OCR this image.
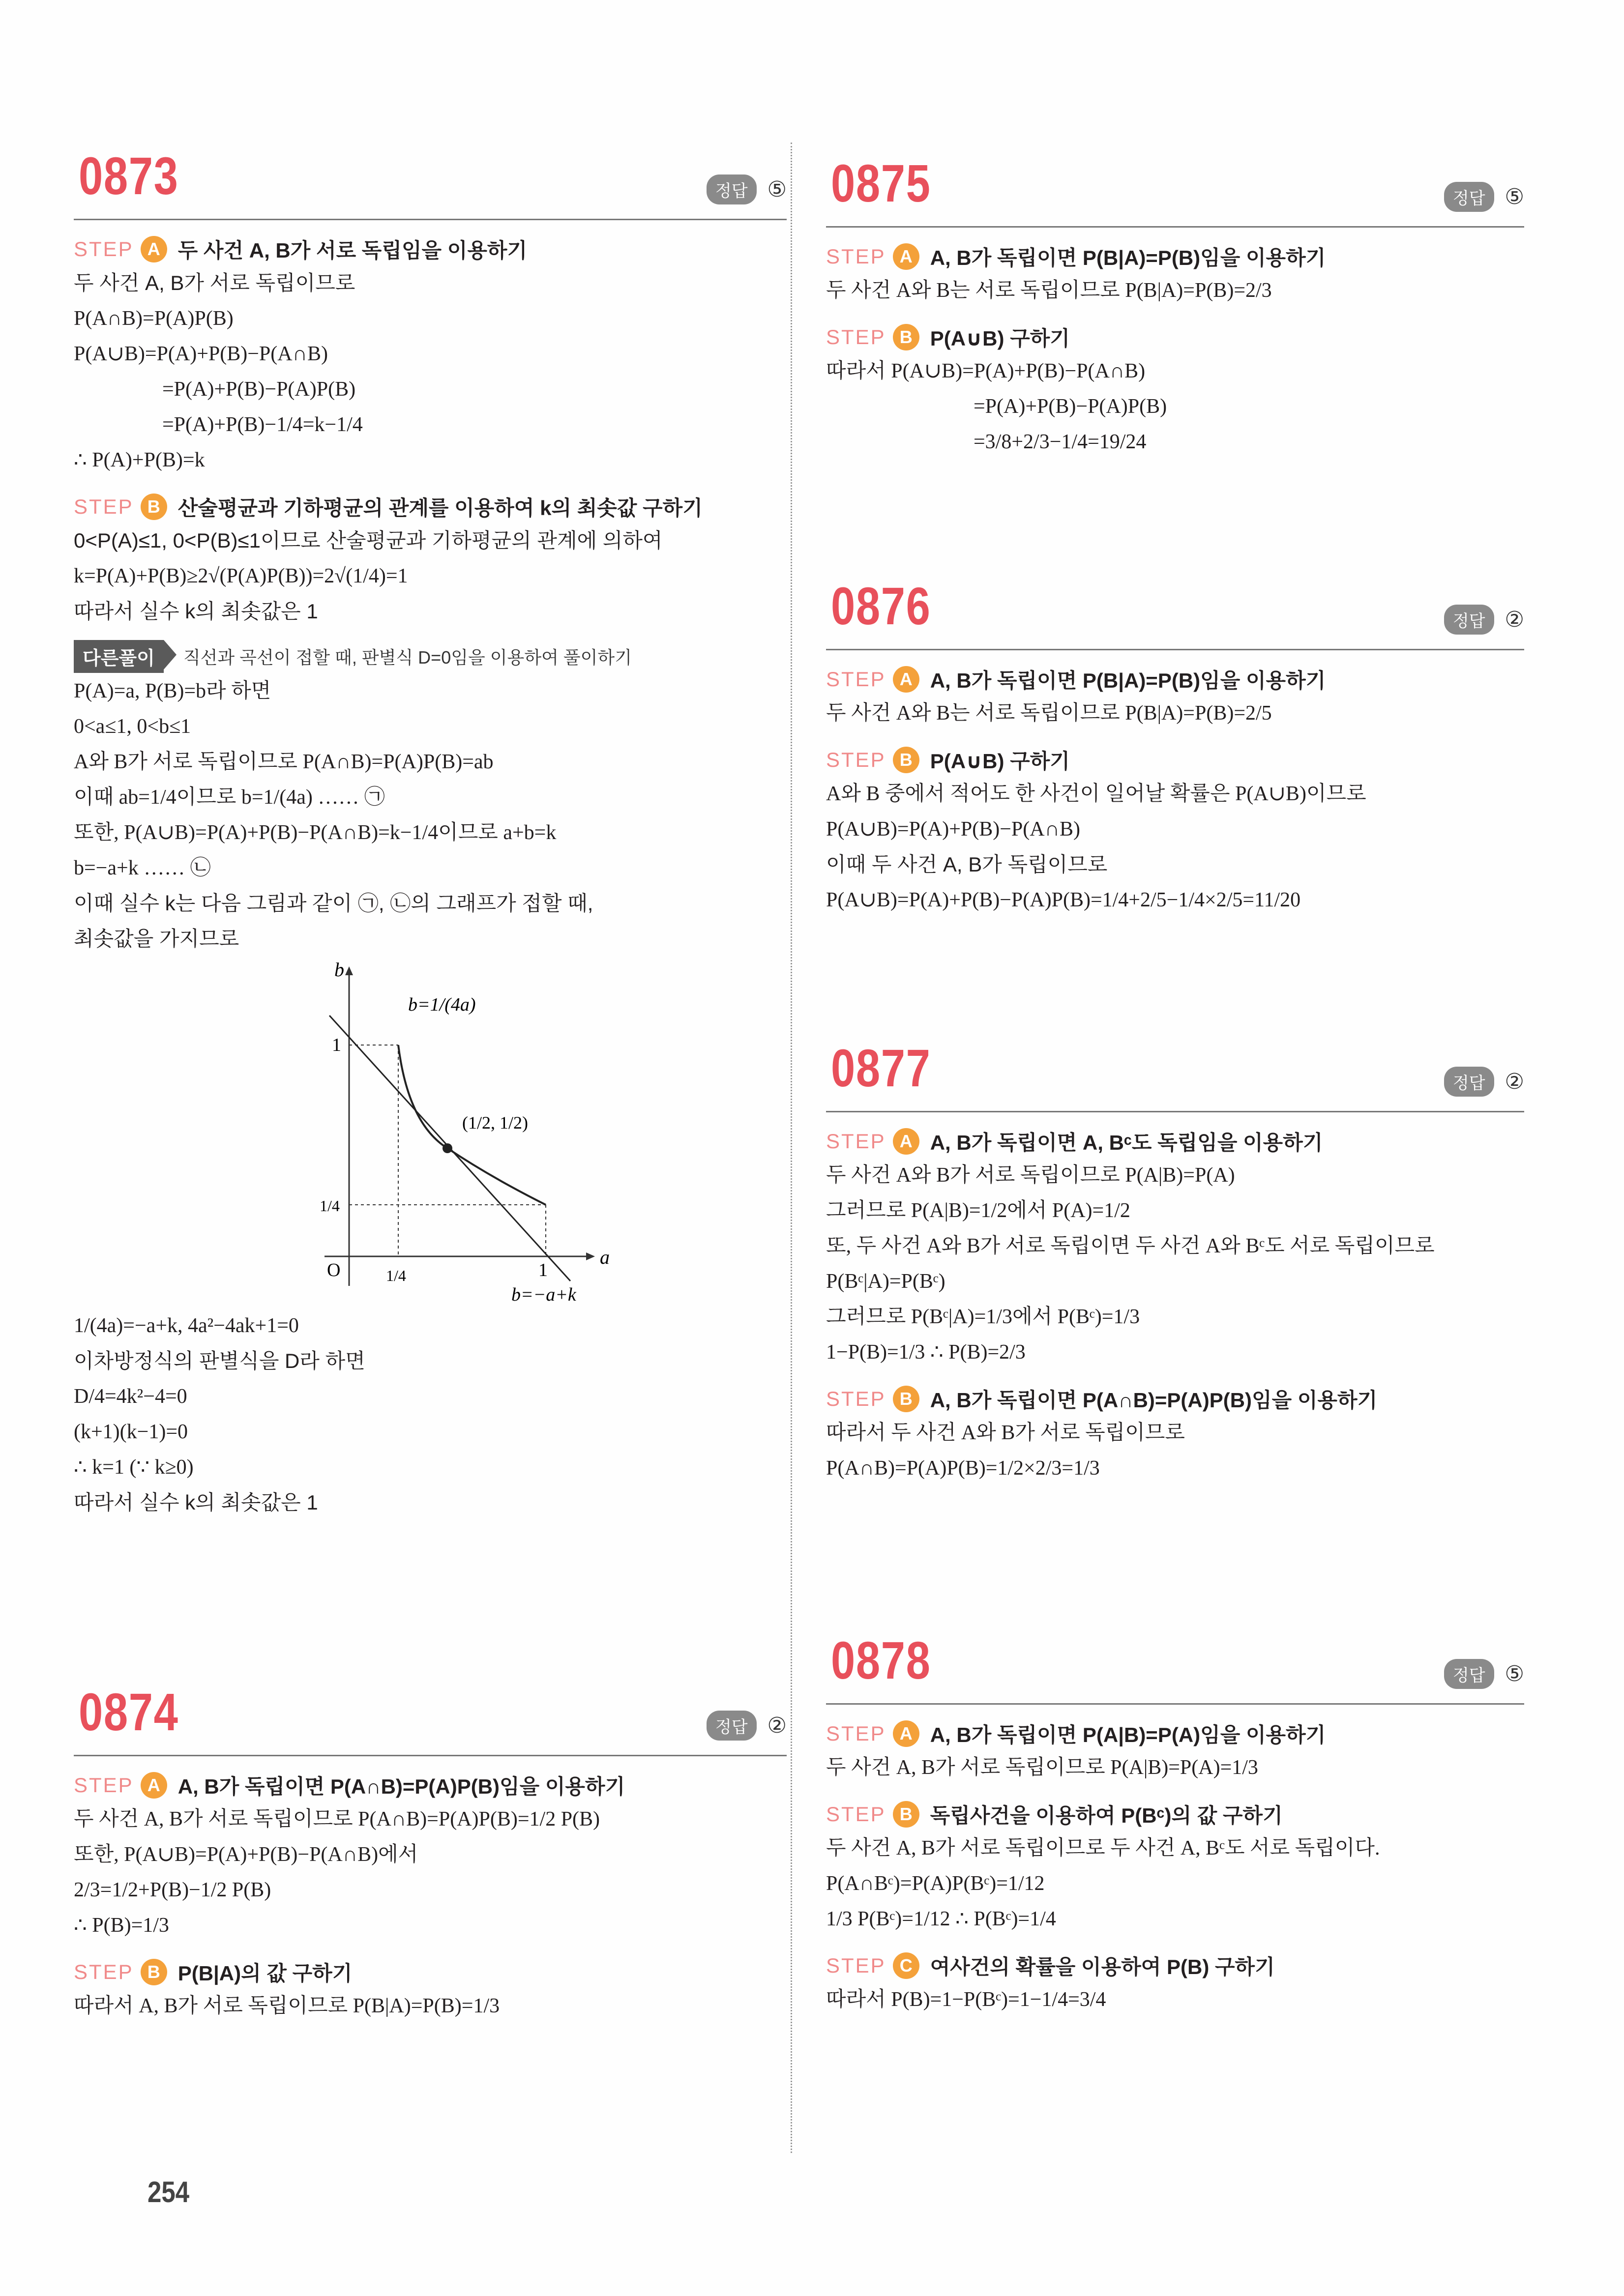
0873	정답 ⑤
STEP A 두 사건 A, B가 서로 독립임을 이용하기
두 사건 A, B가 서로 독립이므로
P(A∩B)=P(A)P(B)
P(A∪B)=P(A)+P(B)−P(A∩B)
=P(A)+P(B)−P(A)P(B)
=P(A)+P(B)−1/4=k−1/4
∴ P(A)+P(B)=k
STEP B 산술평균과 기하평균의 관계를 이용하여 k의 최솟값 구하기
0<P(A)≤1, 0<P(B)≤1이므로 산술평균과 기하평균의 관계에 의하여
k=P(A)+P(B)≥2√(P(A)P(B))=2√(1/4)=1
따라서 실수 k의 최솟값은 1
다른풀이	직선과 곡선이 접할 때, 판별식 D=0임을 이용하여 풀이하기
P(A)=a, P(B)=b라 하면
0<a≤1, 0<b≤1
A와 B가 서로 독립이므로 P(A∩B)=P(A)P(B)=ab
이때 ab=1/4이므로 b=1/(4a) …… ㉠
또한, P(A∪B)=P(A)+P(B)−P(A∩B)=k−1/4이므로 a+b=k
b=−a+k …… ㉡
이때 실수 k는 다음 그림과 같이 ㉠, ㉡의 그래프가 접할 때,
최솟값을 가지므로
b=1/(4a)
(1/2, 1/2)
b=−a+k
a
b
O	1/4	1
1
1/4
1/(4a)=−a+k, 4a²−4ak+1=0
이차방정식의 판별식을 D라 하면
D/4=4k²−4=0
(k+1)(k−1)=0
∴ k=1 (∵ k≥0)
따라서 실수 k의 최솟값은 1
0874	정답 ②
STEP A A, B가 독립이면 P(A∩B)=P(A)P(B)임을 이용하기
두 사건 A, B가 서로 독립이므로 P(A∩B)=P(A)P(B)=1/2 P(B)
또한, P(A∪B)=P(A)+P(B)−P(A∩B)에서
2/3=1/2+P(B)−1/2 P(B)
∴ P(B)=1/3
STEP B P(B|A)의 값 구하기
따라서 A, B가 서로 독립이므로 P(B|A)=P(B)=1/3
254
0875	정답 ⑤
STEP A A, B가 독립이면 P(B|A)=P(B)임을 이용하기
두 사건 A와 B는 서로 독립이므로 P(B|A)=P(B)=2/3
STEP B P(A∪B) 구하기
따라서 P(A∪B)=P(A)+P(B)−P(A∩B)
=P(A)+P(B)−P(A)P(B)
=3/8+2/3−1/4=19/24
0876	정답 ②
STEP A A, B가 독립이면 P(B|A)=P(B)임을 이용하기
두 사건 A와 B는 서로 독립이므로 P(B|A)=P(B)=2/5
STEP B P(A∪B) 구하기
A와 B 중에서 적어도 한 사건이 일어날 확률은 P(A∪B)이므로
P(A∪B)=P(A)+P(B)−P(A∩B)
이때 두 사건 A, B가 독립이므로
P(A∪B)=P(A)+P(B)−P(A)P(B)=1/4+2/5−1/4×2/5=11/20
0877	정답 ②
STEP A A, B가 독립이면 A, Bᶜ도 독립임을 이용하기
두 사건 A와 B가 서로 독립이므로 P(A|B)=P(A)
그러므로 P(A|B)=1/2에서 P(A)=1/2
또, 두 사건 A와 B가 서로 독립이면 두 사건 A와 Bᶜ도 서로 독립이므로
P(Bᶜ|A)=P(Bᶜ)
그러므로 P(Bᶜ|A)=1/3에서 P(Bᶜ)=1/3
1−P(B)=1/3 ∴ P(B)=2/3
STEP B A, B가 독립이면 P(A∩B)=P(A)P(B)임을 이용하기
따라서 두 사건 A와 B가 서로 독립이므로
P(A∩B)=P(A)P(B)=1/2×2/3=1/3
0878	정답 ⑤
STEP A A, B가 독립이면 P(A|B)=P(A)임을 이용하기
두 사건 A, B가 서로 독립이므로 P(A|B)=P(A)=1/3
STEP B 독립사건을 이용하여 P(Bᶜ)의 값 구하기
두 사건 A, B가 서로 독립이므로 두 사건 A, Bᶜ도 서로 독립이다.
P(A∩Bᶜ)=P(A)P(Bᶜ)=1/12
1/3 P(Bᶜ)=1/12 ∴ P(Bᶜ)=1/4
STEP C 여사건의 확률을 이용하여 P(B) 구하기
따라서 P(B)=1−P(Bᶜ)=1−1/4=3/4
